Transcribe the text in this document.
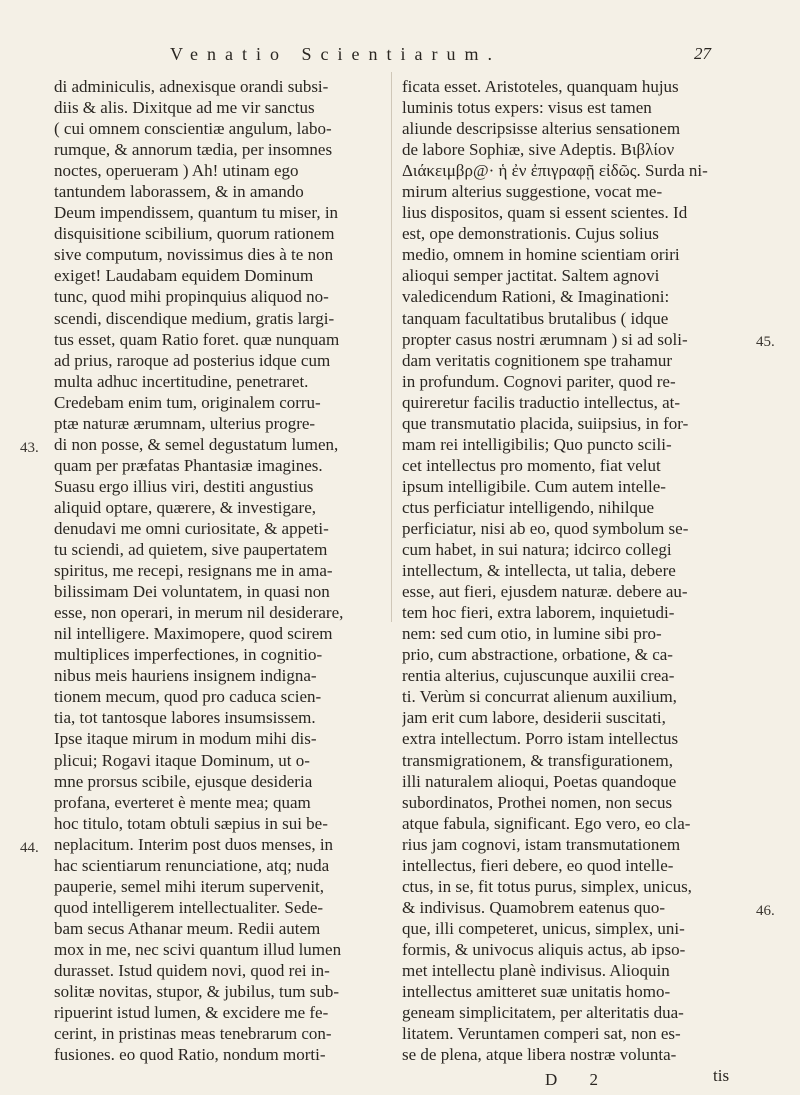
Venatio Scientiarum.	27
di adminiculis, adnexisque orandi subsi-
diis & alis. Dixitque ad me vir sanctus
( cui omnem conscientiæ angulum, labo-
rumque, & annorum tædia, per insomnes
noctes, operueram ) Ah! utinam ego
tantundem laborassem, & in amando
Deum impendissem, quantum tu miser, in
disquisitione scibilium, quorum rationem
sive computum, novissimus dies à te non
exiget! Laudabam equidem Dominum
tunc, quod mihi propinquius aliquod no-
scendi, discendique medium, gratis largi-
tus esset, quam Ratio foret. quæ nunquam
ad prius, raroque ad posterius idque cum
multa adhuc incertitudine, penetraret.
Credebam enim tum, originalem corru-
ptæ naturæ ærumnam, ulterius progre-
di non posse, & semel degustatum lumen,
quam per præfatas Phantasiæ imagines.
Suasu ergo illius viri, destiti angustius
aliquid optare, quærere, & investigare,
denudavi me omni curiositate, & appeti-
tu sciendi, ad quietem, sive paupertatem
spiritus, me recepi, resignans me in ama-
bilissimam Dei voluntatem, in quasi non
esse, non operari, in merum nil desiderare,
nil intelligere. Maximopere, quod scirem
multiplices imperfectiones, in cognitio-
nibus meis hauriens insignem indigna-
tionem mecum, quod pro caduca scien-
tia, tot tantosque labores insumsissem.
Ipse itaque mirum in modum mihi dis-
plicui; Rogavi itaque Dominum, ut o-
mne prorsus scibile, ejusque desideria
profana, everteret è mente mea; quam
hoc titulo, totam obtuli sæpius in sui be-
neplacitum. Interim post duos menses, in
hac scientiarum renunciatione, atq; nuda
pauperie, semel mihi iterum supervenit,
quod intelligerem intellectualiter. Sede-
bam secus Athanar meum. Redii autem
mox in me, nec scivi quantum illud lumen
durasset. Istud quidem novi, quod rei in-
solitæ novitas, stupor, & jubilus, tum sub-
ripuerint istud lumen, & excidere me fe-
cerint, in pristinas meas tenebrarum con-
fusiones. eo quod Ratio, nondum morti-
ficata esset. Aristoteles, quanquam hujus
luminis totus expers: visus est tamen
aliunde descripsisse alterius sensationem
de labore Sophiæ, sive Adeptis. Βιβλίον
Διάκειμβρ@· ἡ ἐν ἐπιγραφῇ εἰδῶς. Surda ni-
mirum alterius suggestione, vocat me-
lius dispositos, quam si essent scientes. Id
est, ope demonstrationis. Cujus solius
medio, omnem in homine scientiam oriri
alioqui semper jactitat. Saltem agnovi
valedicendum Rationi, & Imaginationi:
tanquam facultatibus brutalibus ( idque
propter casus nostri ærumnam ) si ad soli-
dam veritatis cognitionem spe trahamur
in profundum. Cognovi pariter, quod re-
quireretur facilis traductio intellectus, at-
que transmutatio placida, suiipsius, in for-
mam rei intelligibilis; Quo puncto scili-
cet intellectus pro momento, fiat velut
ipsum intelligibile. Cum autem intelle-
ctus perficiatur intelligendo, nihilque
perficiatur, nisi ab eo, quod symbolum se-
cum habet, in sui natura; idcirco collegi
intellectum, & intellecta, ut talia, debere
esse, aut fieri, ejusdem naturæ. debere au-
tem hoc fieri, extra laborem, inquietudi-
nem: sed cum otio, in lumine sibi pro-
prio, cum abstractione, orbatione, & ca-
rentia alterius, cujuscunque auxilii crea-
ti. Verùm si concurrat alienum auxilium,
jam erit cum labore, desiderii suscitati,
extra intellectum. Porro istam intellectus
transmigrationem, & transfigurationem,
illi naturalem alioqui, Poetas quandoque
subordinatos, Prothei nomen, non secus
atque fabula, significant. Ego vero, eo cla-
rius jam cognovi, istam transmutationem
intellectus, fieri debere, eo quod intelle-
ctus, in se, fit totus purus, simplex, unicus,
& indivisus. Quamobrem eatenus quo-
que, illi competeret, unicus, simplex, uni-
formis, & univocus aliquis actus, ab ipso-
met intellectu planè indivisus. Alioquin
intellectus amitteret suæ unitatis homo-
geneam simplicitatem, per alteritatis dua-
litatem. Veruntamen comperi sat, non es-
se de plena, atque libera nostræ volunta-
43.
44.
45.
46.
D 2	tis
